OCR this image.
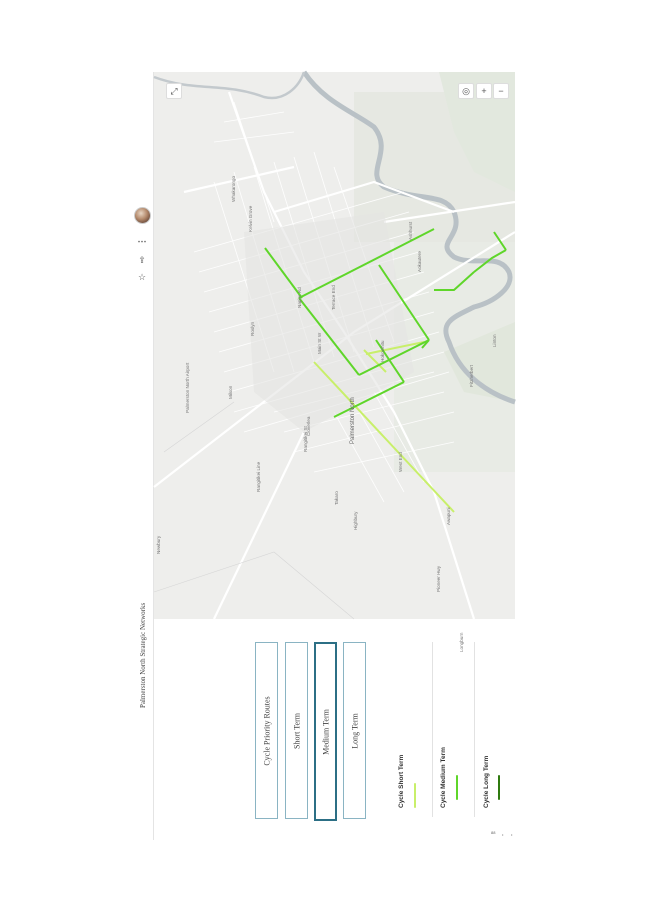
Palmerston North Strategic Networks
☆
⇪
⋯
Palmerston North
Hokowhitu
Terrace End
Roslyn
Milson
Palmerston North Airport
Cloverlea
Takaro
Highbury
West End
Awapuni
Newbury
Longburn
Fitzherbert
Ashhurst
Whakarongo
Linton
Rangitikei St
Rangitikei Line
Napier Rd
Main St W
Aokautere
Pioneer Hwy
Kelvin Grove
⤢	◎	+	−
Cycle Priority Routes	Short Term	Medium Term	Long Term
Cycle Short Term	Cycle Medium Term	Cycle Long Term
88 • •
